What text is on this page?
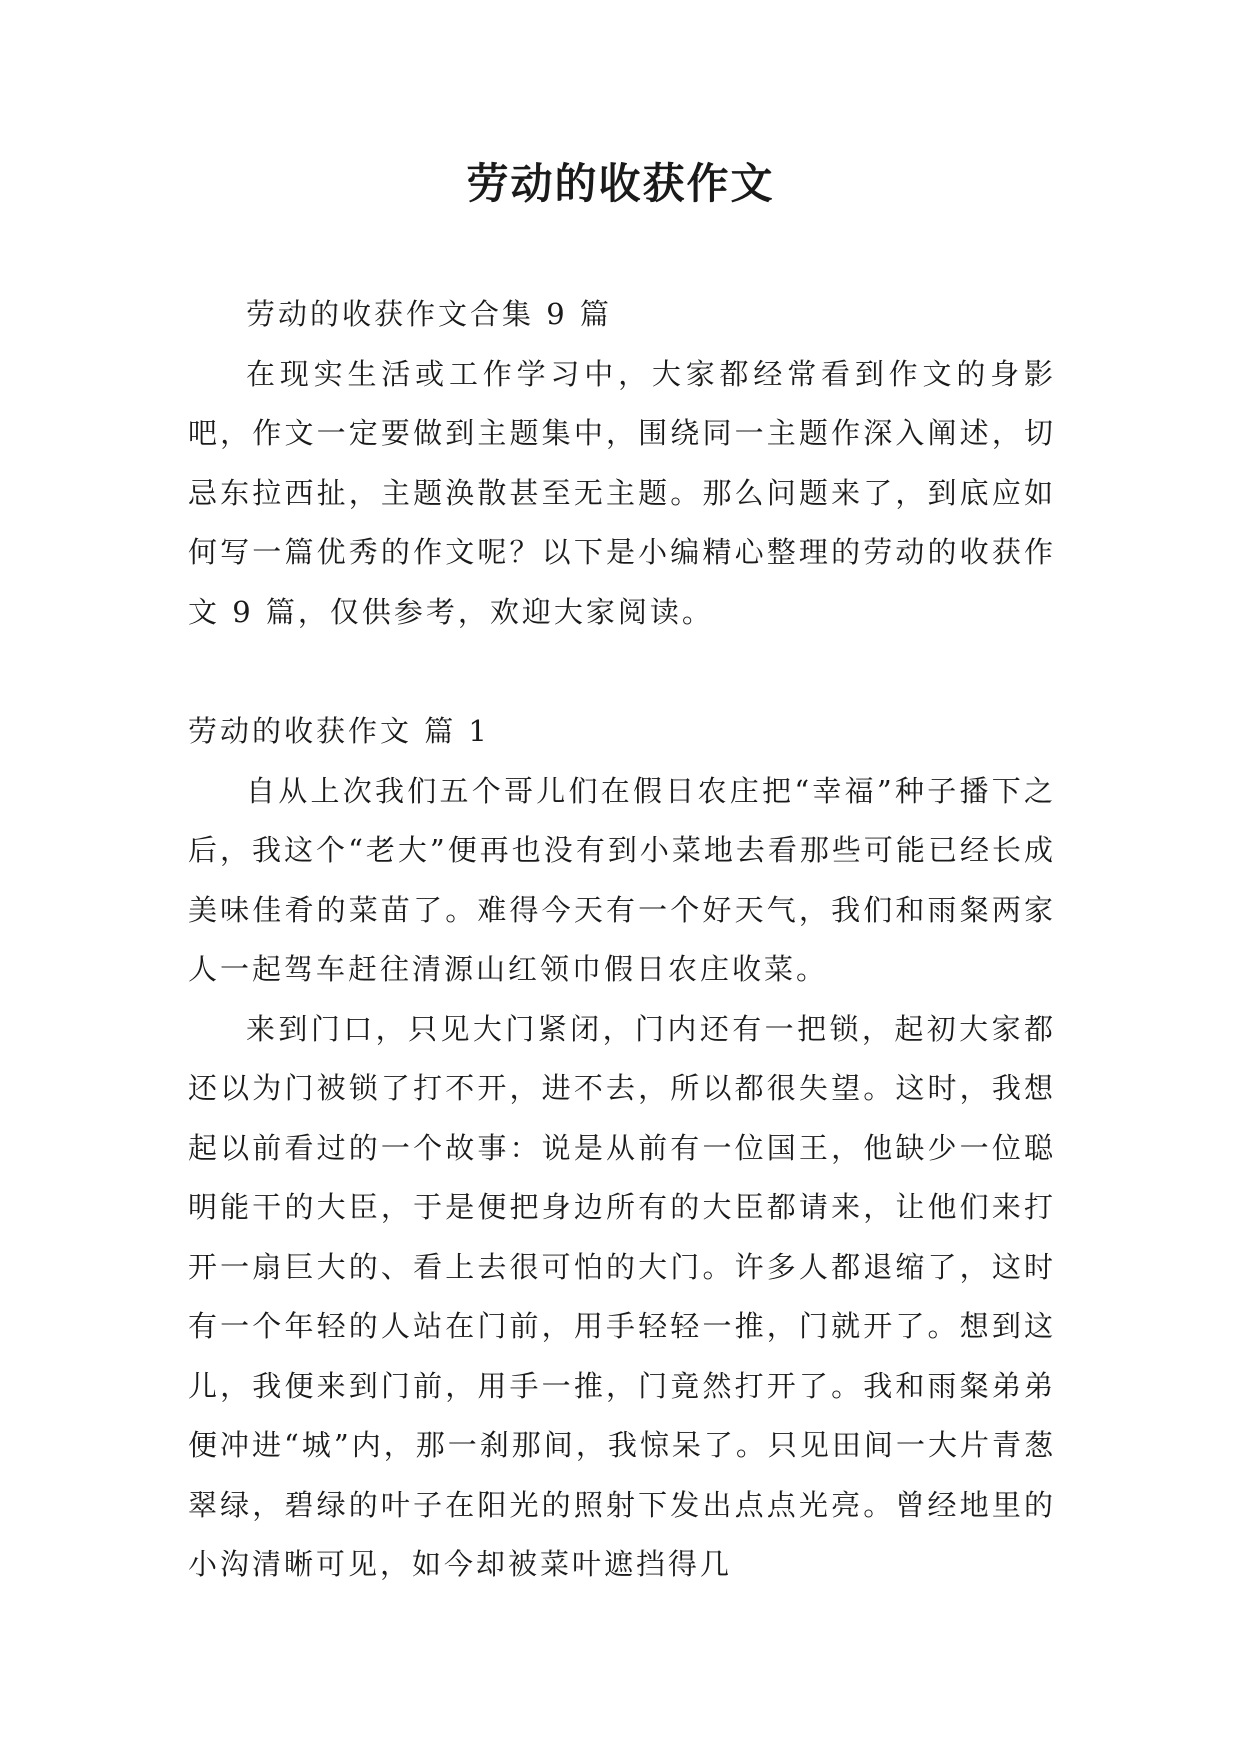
劳动的收获作文

劳动的收获作文合集 9 篇

在现实生活或工作学习中，大家都经常看到作文的身影吧，作文一定要做到主题集中，围绕同一主题作深入阐述，切忌东拉西扯，主题涣散甚至无主题。那么问题来了，到底应如何写一篇优秀的作文呢？以下是小编精心整理的劳动的收获作文 9 篇，仅供参考，欢迎大家阅读。

劳动的收获作文 篇 1

自从上次我们五个哥儿们在假日农庄把“幸福”种子播下之后，我这个“老大”便再也没有到小菜地去看那些可能已经长成美味佳肴的菜苗了。难得今天有一个好天气，我们和雨粲两家人一起驾车赶往清源山红领巾假日农庄收菜。

来到门口，只见大门紧闭，门内还有一把锁，起初大家都还以为门被锁了打不开，进不去，所以都很失望。这时，我想起以前看过的一个故事：说是从前有一位国王，他缺少一位聪明能干的大臣，于是便把身边所有的大臣都请来，让他们来打开一扇巨大的、看上去很可怕的大门。许多人都退缩了，这时有一个年轻的人站在门前，用手轻轻一推，门就开了。想到这儿，我便来到门前，用手一推，门竟然打开了。我和雨粲弟弟便冲进“城”内，那一刹那间，我惊呆了。只见田间一大片青葱翠绿，碧绿的叶子在阳光的照射下发出点点光亮。曾经地里的小沟清晰可见，如今却被菜叶遮挡得几
